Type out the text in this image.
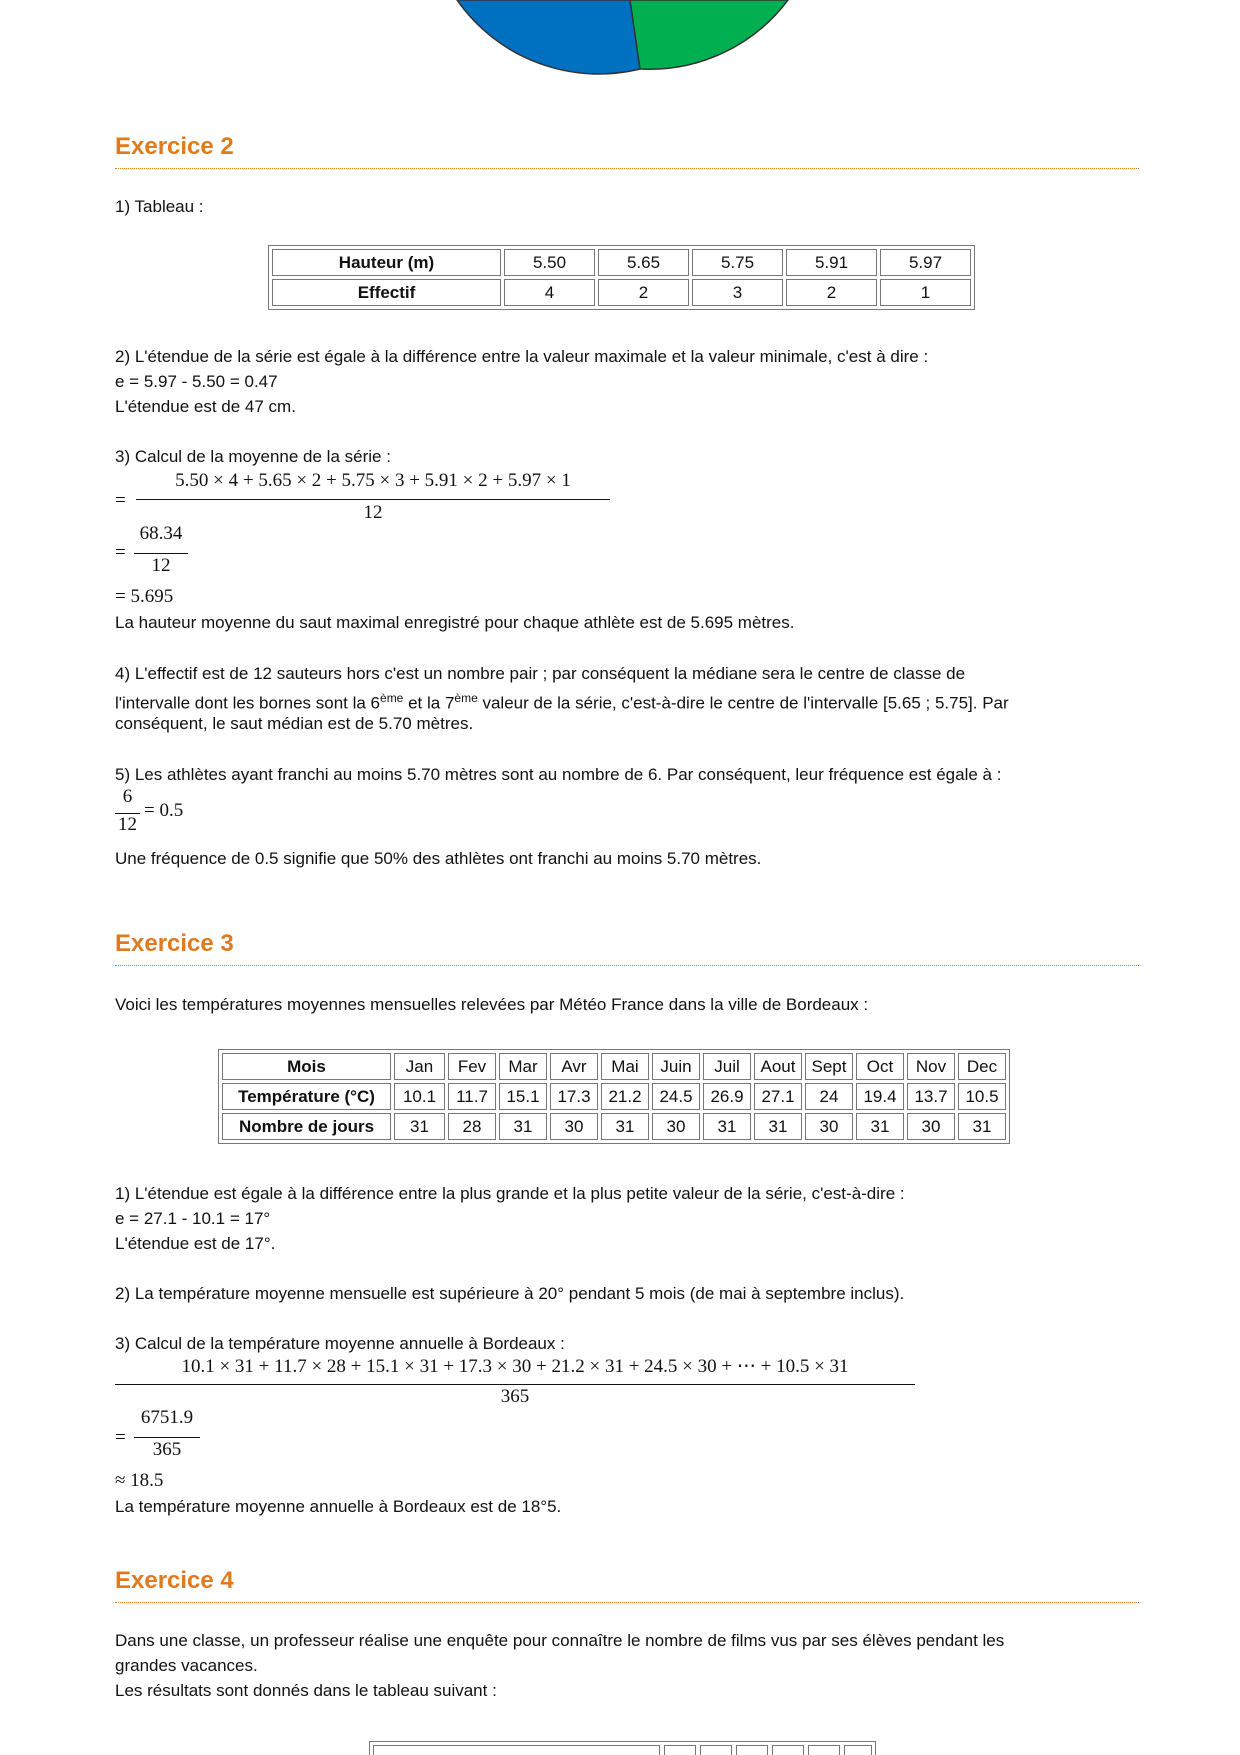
Exercice 2
1) Tableau :
Hauteur (m)	5.50	5.65	5.75	5.91	5.97
Effectif	4	2	3	2	1
2) L'étendue de la série est égale à la différence entre la valeur maximale et la valeur minimale, c'est à dire :
e = 5.97 - 5.50 = 0.47
L'étendue est de 47 cm.
3) Calcul de la moyenne de la série :
=
5.50 × 4 + 5.65 × 2 + 5.75 × 3 + 5.91 × 2 + 5.97 × 1
12
=
68.34
12
= 5.695
La hauteur moyenne du saut maximal enregistré pour chaque athlète est de 5.695 mètres.
4) L'effectif est de 12 sauteurs hors c'est un nombre pair ; par conséquent la médiane sera le centre de classe de
l'intervalle dont les bornes sont la 6ème et la 7ème valeur de la série, c'est-à-dire le centre de l'intervalle [5.65 ; 5.75]. Par
conséquent, le saut médian est de 5.70 mètres.
5) Les athlètes ayant franchi au moins 5.70 mètres sont au nombre de 6. Par conséquent, leur fréquence est égale à :
6
12
= 0.5
Une fréquence de 0.5 signifie que 50% des athlètes ont franchi au moins 5.70 mètres.
Exercice 3
Voici les températures moyennes mensuelles relevées par Météo France dans la ville de Bordeaux :
Mois	Jan	Fev	Mar	Avr	Mai	Juin	Juil	Aout	Sept	Oct	Nov	Dec
Température (°C)	10.1	11.7	15.1	17.3	21.2	24.5	26.9	27.1	24	19.4	13.7	10.5
Nombre de jours	31	28	31	30	31	30	31	31	30	31	30	31
1) L'étendue est égale à la différence entre la plus grande et la plus petite valeur de la série, c'est-à-dire :
e = 27.1 - 10.1 = 17°
L'étendue est de 17°.
2) La température moyenne mensuelle est supérieure à 20° pendant 5 mois (de mai à septembre inclus).
3) Calcul de la température moyenne annuelle à Bordeaux :
10.1 × 31 + 11.7 × 28 + 15.1 × 31 + 17.3 × 30 + 21.2 × 31 + 24.5 × 30 + ⋯ + 10.5 × 31
365
=
6751.9
365
≈ 18.5
La température moyenne annuelle à Bordeaux est de 18°5.
Exercice 4
Dans une classe, un professeur réalise une enquête pour connaître le nombre de films vus par ses élèves pendant les
grandes vacances.
Les résultats sont donnés dans le tableau suivant :
